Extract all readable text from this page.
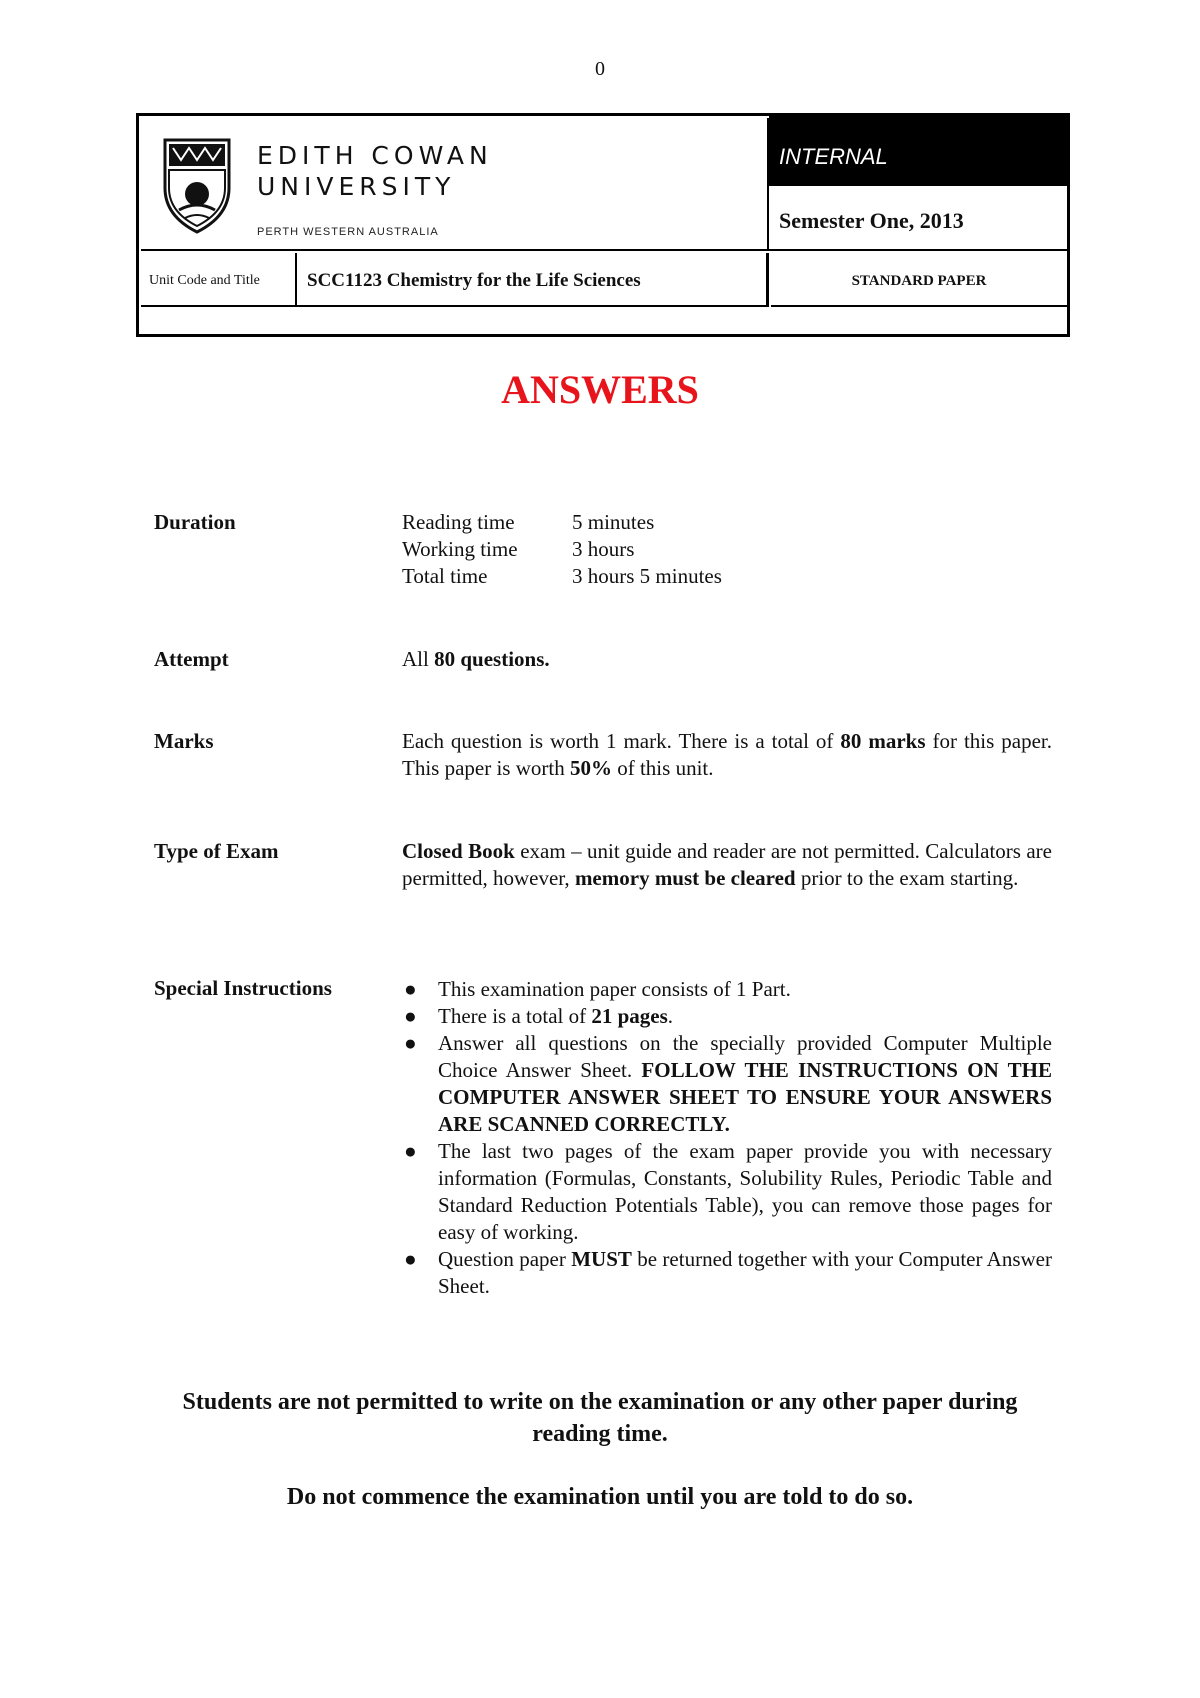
0
EDITH COWAN
UNIVERSITY
PERTH WESTERN AUSTRALIA
INTERNAL
Semester One, 2013
Unit Code and Title	SCC1123 Chemistry for the Life Sciences	STANDARD PAPER
ANSWERS
Duration	Reading time	5 minutes
Working time	3 hours
Total time	3 hours 5 minutes
Attempt	All 80 questions.
Marks	Each question is worth 1 mark. There is a total of 80 marks for this paper. This paper is worth 50% of this unit.
Type of Exam	Closed Book exam – unit guide and reader are not permitted. Calculators are permitted, however, memory must be cleared prior to the exam starting.
Special Instructions	● This examination paper consists of 1 Part.
● There is a total of 21 pages.
● Answer all questions on the specially provided Computer Multiple Choice Answer Sheet. FOLLOW THE INSTRUCTIONS ON THE COMPUTER ANSWER SHEET TO ENSURE YOUR ANSWERS ARE SCANNED CORRECTLY.
● The last two pages of the exam paper provide you with necessary information (Formulas, Constants, Solubility Rules, Periodic Table and Standard Reduction Potentials Table), you can remove those pages for easy of working.
● Question paper MUST be returned together with your Computer Answer Sheet.
Students are not permitted to write on the examination or any other paper during reading time.
Do not commence the examination until you are told to do so.
